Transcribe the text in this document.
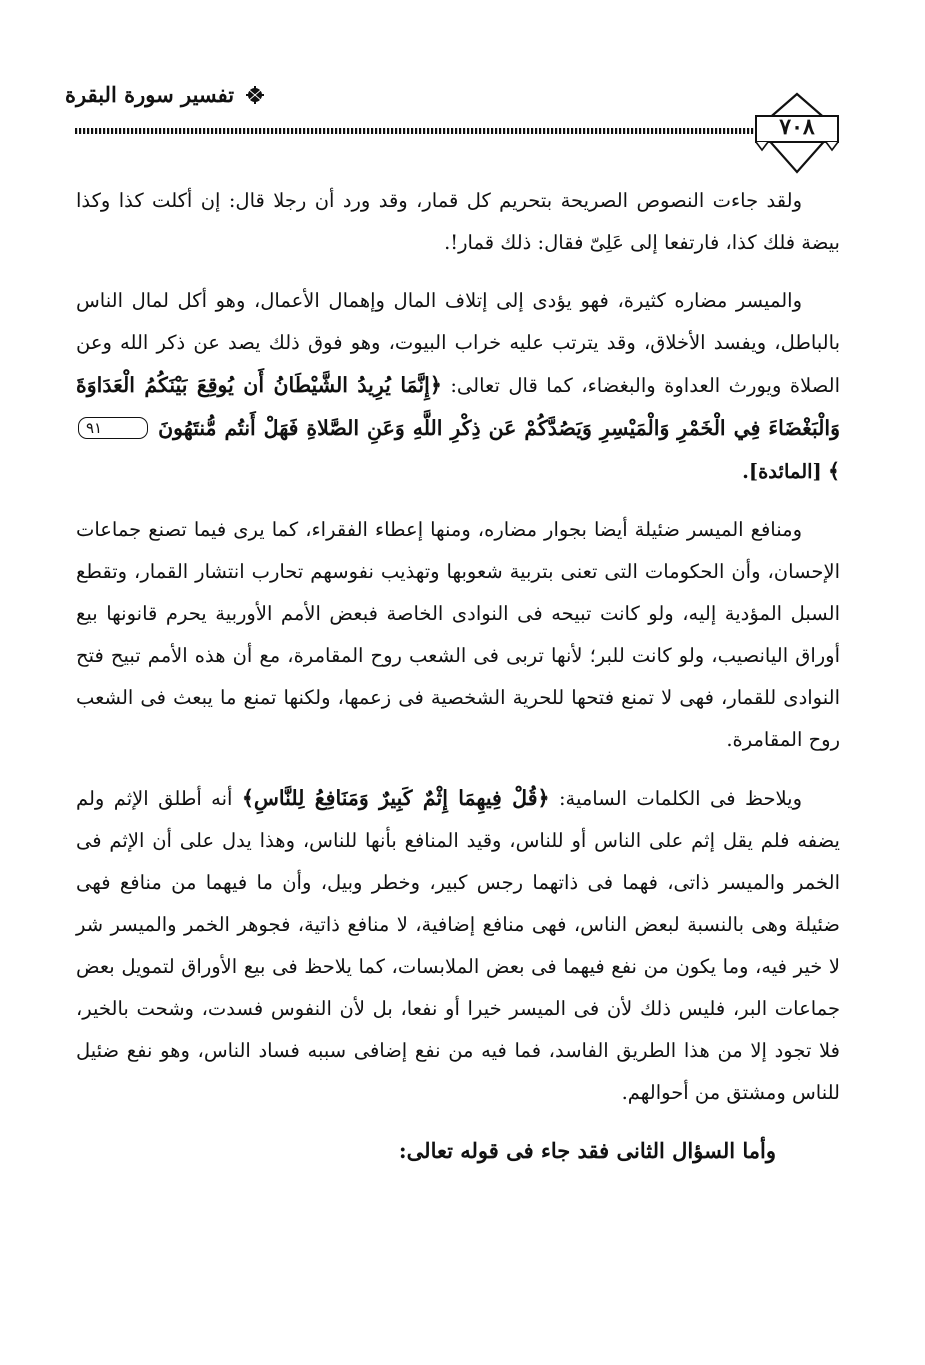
تفسير سورة البقرة
٧٠٨

ولقد جاءت النصوص الصريحة بتحريم كل قمار، وقد ورد أن رجلا قال: إن أكلت كذا وكذا بيضة فلك كذا، فارتفعا إلى عَلِىّ فقال: ذلك قمار!.

والميسر مضاره كثيرة، فهو يؤدى إلى إتلاف المال وإهمال الأعمال، وهو أكل لمال الناس بالباطل، ويفسد الأخلاق، وقد يترتب عليه خراب البيوت، وهو فوق ذلك يصد عن ذكر الله وعن الصلاة ويورث العداوة والبغضاء، كما قال تعالى: ﴿إِنَّمَا يُرِيدُ الشَّيْطَانُ أَن يُوقِعَ بَيْنَكُمُ الْعَدَاوَةَ وَالْبَغْضَاءَ فِي الْخَمْرِ وَالْمَيْسِرِ وَيَصُدَّكُمْ عَن ذِكْرِ اللَّهِ وَعَنِ الصَّلاةِ فَهَلْ أَنتُم مُّنتَهُونَ ٩١﴾ [المائدة].

ومنافع الميسر ضئيلة أيضا بجوار مضاره، ومنها إعطاء الفقراء، كما يرى فيما تصنع جماعات الإحسان، وأن الحكومات التى تعنى بتربية شعوبها وتهذيب نفوسهم تحارب انتشار القمار، وتقطع السبل المؤدية إليه، ولو كانت تبيحه فى النوادى الخاصة فبعض الأمم الأوربية يحرم قانونها بيع أوراق اليانصيب، ولو كانت للبر؛ لأنها تربى فى الشعب روح المقامرة، مع أن هذه الأمم تبيح فتح النوادى للقمار، فهى لا تمنع فتحها للحرية الشخصية فى زعمها، ولكنها تمنع ما يبعث فى الشعب روح المقامرة.

ويلاحظ فى الكلمات السامية: ﴿قُلْ فِيهِمَا إِثْمٌ كَبِيرٌ وَمَنَافِعُ لِلنَّاسِ﴾ أنه أطلق الإثم ولم يضفه فلم يقل إثم على الناس أو للناس، وقيد المنافع بأنها للناس، وهذا يدل على أن الإثم فى الخمر والميسر ذاتى، فهما فى ذاتهما رجس كبير، وخطر وبيل، وأن ما فيهما من منافع فهى ضئيلة وهى بالنسبة لبعض الناس، فهى منافع إضافية، لا منافع ذاتية، فجوهر الخمر والميسر شر لا خير فيه، وما يكون من نفع فيهما فى بعض الملابسات، كما يلاحظ فى بيع الأوراق لتمويل بعض جماعات البر، فليس ذلك لأن فى الميسر خيرا أو نفعا، بل لأن النفوس فسدت، وشحت بالخير، فلا تجود إلا من هذا الطريق الفاسد، فما فيه من نفع إضافى سببه فساد الناس، وهو نفع ضئيل للناس ومشتق من أحوالهم.

وأما السؤال الثانى فقد جاء فى قوله تعالى:
